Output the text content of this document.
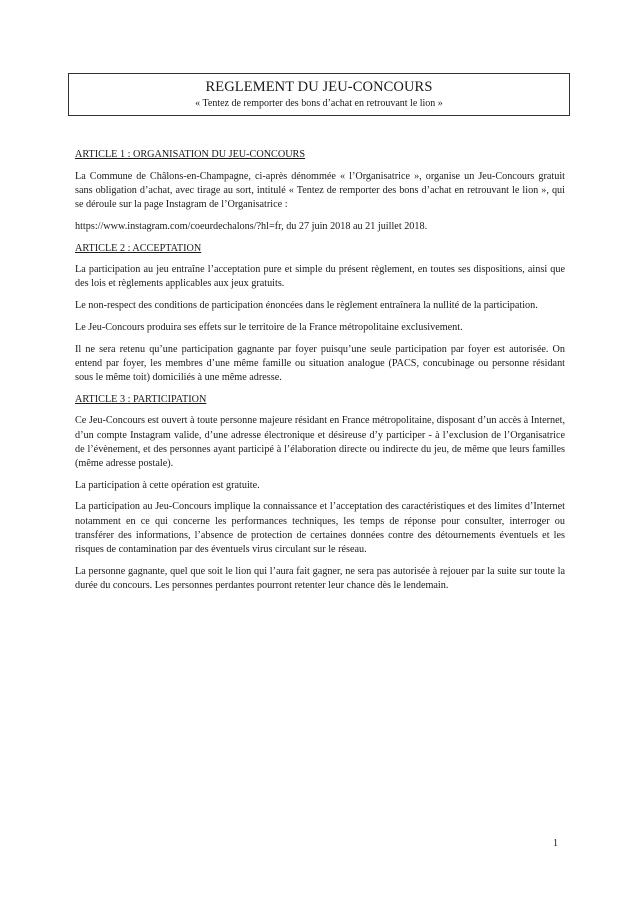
REGLEMENT DU JEU-CONCOURS
« Tentez de remporter des bons d’achat en retrouvant le lion »
ARTICLE 1 : ORGANISATION DU JEU-CONCOURS

La Commune de Châlons-en-Champagne, ci-après dénommée « l’Organisatrice », organise un Jeu-Concours gratuit sans obligation d’achat, avec tirage au sort, intitulé « Tentez de remporter des bons d’achat en retrouvant le lion », qui se déroule sur la page Instagram de l’Organisatrice :

https://www.instagram.com/coeurdechalons/?hl=fr, du 27 juin 2018 au 21 juillet 2018.

ARTICLE 2 : ACCEPTATION

La participation au jeu entraîne l’acceptation pure et simple du présent règlement, en toutes ses dispositions, ainsi que des lois et règlements applicables aux jeux gratuits.

Le non-respect des conditions de participation énoncées dans le règlement entraînera la nullité de la participation.

Le Jeu-Concours produira ses effets sur le territoire de la France métropolitaine exclusivement.

Il ne sera retenu qu’une participation gagnante par foyer puisqu’une seule participation par foyer est autorisée. On entend par foyer, les membres d’une même famille ou situation analogue (PACS, concubinage ou personne résidant sous le même toit) domiciliés à une même adresse.

ARTICLE 3 : PARTICIPATION

Ce Jeu-Concours est ouvert à toute personne majeure résidant en France métropolitaine, disposant d’un accès à Internet, d’un compte Instagram valide, d’une adresse électronique et désireuse d’y participer - à l’exclusion de l’Organisatrice de l’évènement, et des personnes ayant participé à l’élaboration directe ou indirecte du jeu, de même que leurs familles (même adresse postale).

La participation à cette opération est gratuite.

La participation au Jeu-Concours implique la connaissance et l’acceptation des caractéristiques et des limites d’Internet notamment en ce qui concerne les performances techniques, les temps de réponse pour consulter, interroger ou transférer des informations, l’absence de protection de certaines données contre des détournements éventuels et les risques de contamination par des éventuels virus circulant sur le réseau.

La personne gagnante, quel que soit le lion qui l’aura fait gagner, ne sera pas autorisée à rejouer par la suite sur toute la durée du concours. Les personnes perdantes pourront retenter leur chance dès le lendemain.

1
